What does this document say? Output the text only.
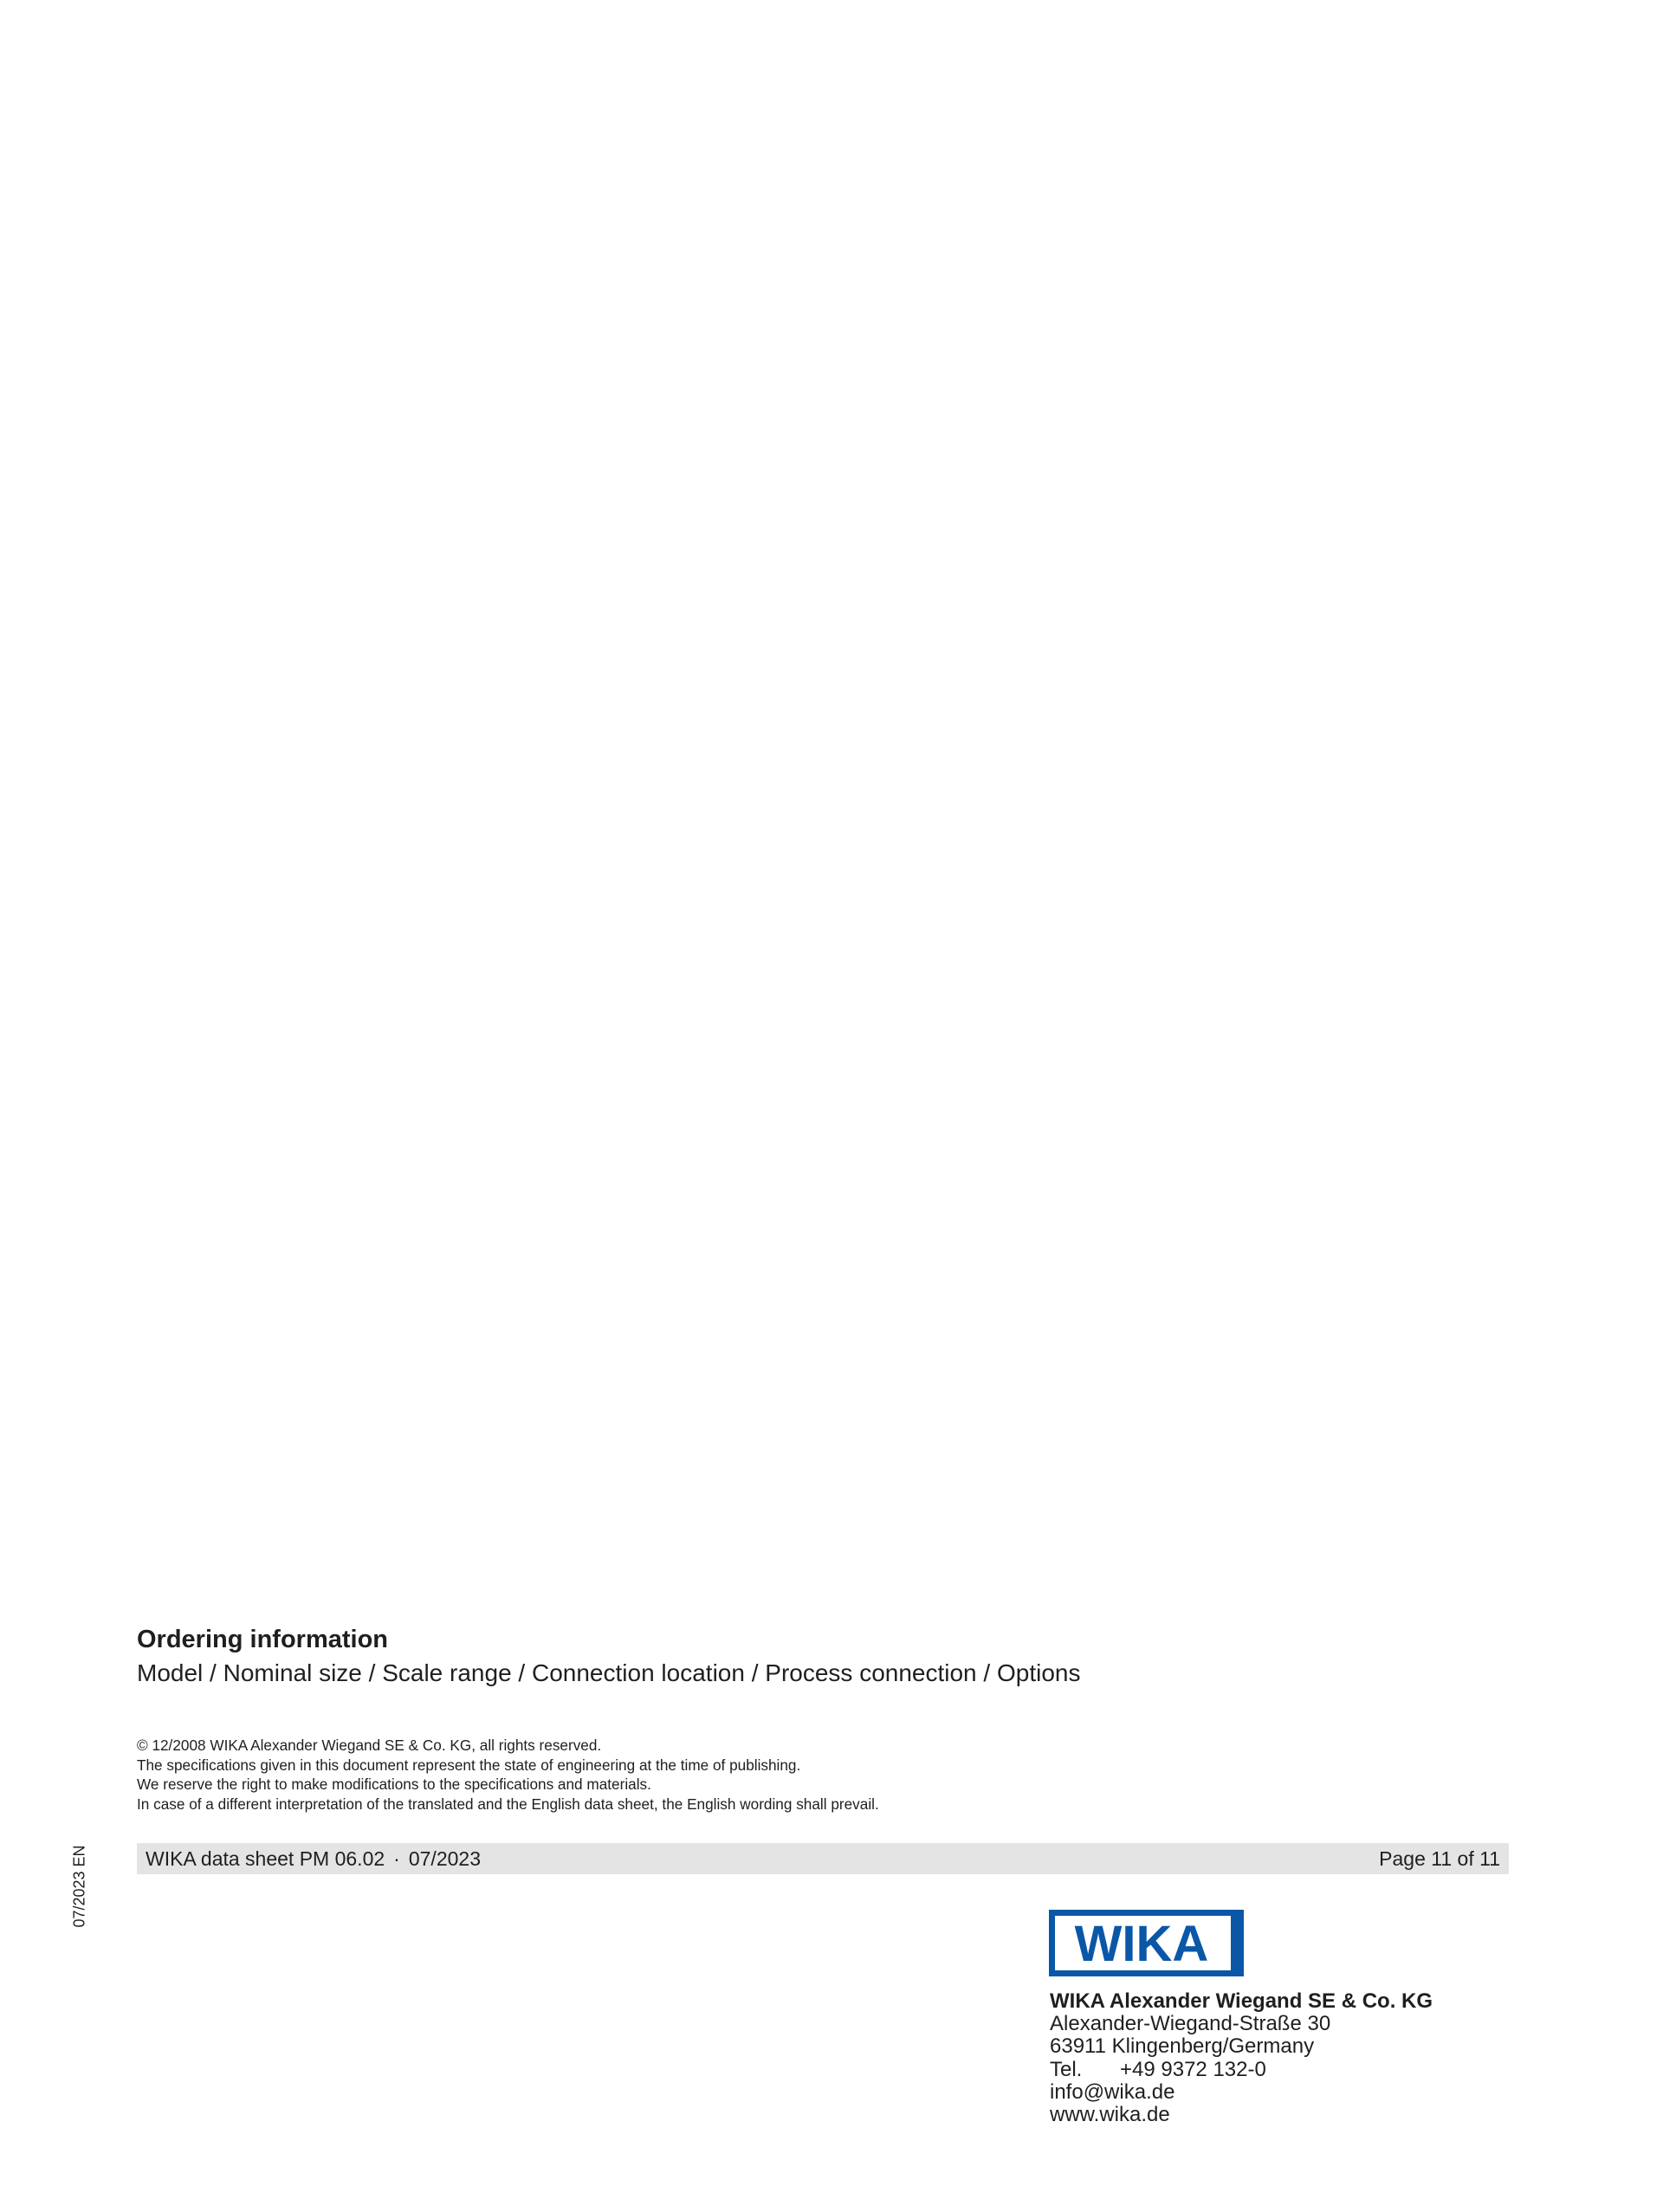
Ordering information
Model / Nominal size / Scale range / Connection location / Process connection / Options
© 12/2008 WIKA Alexander Wiegand SE & Co. KG, all rights reserved.
The specifications given in this document represent the state of engineering at the time of publishing.
We reserve the right to make modifications to the specifications and materials.
In case of a different interpretation of the translated and the English data sheet, the English wording shall prevail.
07/2023 EN	WIKA data sheet PM 06.02 · 07/2023	Page 11 of 11
WIKA
WIKA Alexander Wiegand SE & Co. KG
Alexander-Wiegand-Straße 30
63911 Klingenberg/Germany
Tel. +49 9372 132-0
info@wika.de
www.wika.de
